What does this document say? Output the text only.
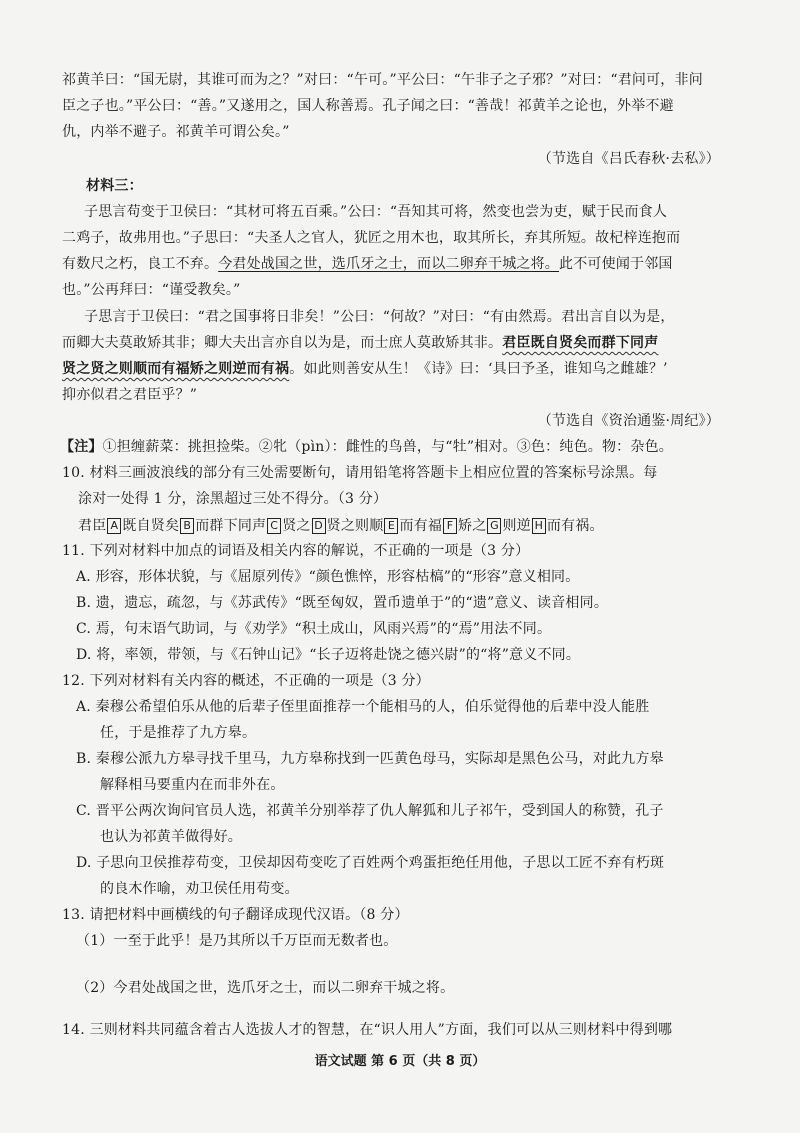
祁黄羊曰：“国无尉，其谁可而为之？”对曰：“午可。”平公曰：“午非子之子邪？”对曰：“君问可，非问
臣之子也。”平公曰：“善。”又遂用之，国人称善焉。孔子闻之曰：“善哉！祁黄羊之论也，外举不避
仇，内举不避子。祁黄羊可谓公矣。”
（节选自《吕氏春秋·去私》）
材料三：
子思言苟变于卫侯曰：“其材可将五百乘。”公曰：“吾知其可将，然变也尝为吏，赋于民而食人
二鸡子，故弗用也。”子思曰：“夫圣人之官人，犹匠之用木也，取其所长，弃其所短。故杞梓连抱而
有数尺之朽，良工不弃。今君处战国之世，选爪牙之士，而以二卵弃干城之将。此不可使闻于邻国
也。”公再拜曰：“谨受教矣。”
子思言于卫侯曰：“君之国事将日非矣！”公曰：“何故？”对曰：“有由然焉。君出言自以为是，
而卿大夫莫敢矫其非；卿大夫出言亦自以为是，而士庶人莫敢矫其非。君臣既自贤矣而群下同声
贤之贤之则顺而有福矫之则逆而有祸。如此则善安从生！《诗》曰：‘具曰予圣，谁知乌之雌雄？’
抑亦似君之君臣乎？”
（节选自《资治通鉴·周纪》）
【注】①担缠薪菜：挑担捡柴。②牝（pìn）：雌性的鸟兽，与“牡”相对。③色：纯色。物：杂色。
10. 材料三画波浪线的部分有三处需要断句，请用铅笔将答题卡上相应位置的答案标号涂黑。每
涂对一处得 1 分，涂黑超过三处不得分。（3 分）
君臣 A 既自贤矣 B 而群下同声 C 贤之 D 贤之则顺 E 而有福 F 矫之 G 则逆 H 而有祸。
11. 下列对材料中加点的词语及相关内容的解说，不正确的一项是（3 分）
A. 形容，形体状貌，与《屈原列传》“颜色憔悴，形容枯槁”的“形容”意义相同。
B. 遗，遗忘，疏忽，与《苏武传》“既至匈奴，置币遗单于”的“遗”意义、读音相同。
C. 焉，句末语气助词，与《劝学》“积土成山，风雨兴焉”的“焉”用法不同。
D. 将，率领，带领，与《石钟山记》“长子迈将赴饶之德兴尉”的“将”意义不同。
12. 下列对材料有关内容的概述，不正确的一项是（3 分）
A. 秦穆公希望伯乐从他的后辈子侄里面推荐一个能相马的人，伯乐觉得他的后辈中没人能胜
任，于是推荐了九方皋。
B. 秦穆公派九方皋寻找千里马，九方皋称找到一匹黄色母马，实际却是黑色公马，对此九方皋
解释相马要重内在而非外在。
C. 晋平公两次询问官员人选，祁黄羊分别举荐了仇人解狐和儿子祁午，受到国人的称赞，孔子
也认为祁黄羊做得好。
D. 子思向卫侯推荐苟变，卫侯却因苟变吃了百姓两个鸡蛋拒绝任用他，子思以工匠不弃有朽斑
的良木作喻，劝卫侯任用苟变。
13. 请把材料中画横线的句子翻译成现代汉语。（8 分）
（1）一至于此乎！是乃其所以千万臣而无数者也。
（2）今君处战国之世，选爪牙之士，而以二卵弃干城之将。
14. 三则材料共同蕴含着古人选拔人才的智慧，在“识人用人”方面，我们可以从三则材料中得到哪
语文试题 第 6 页（共 8 页）
